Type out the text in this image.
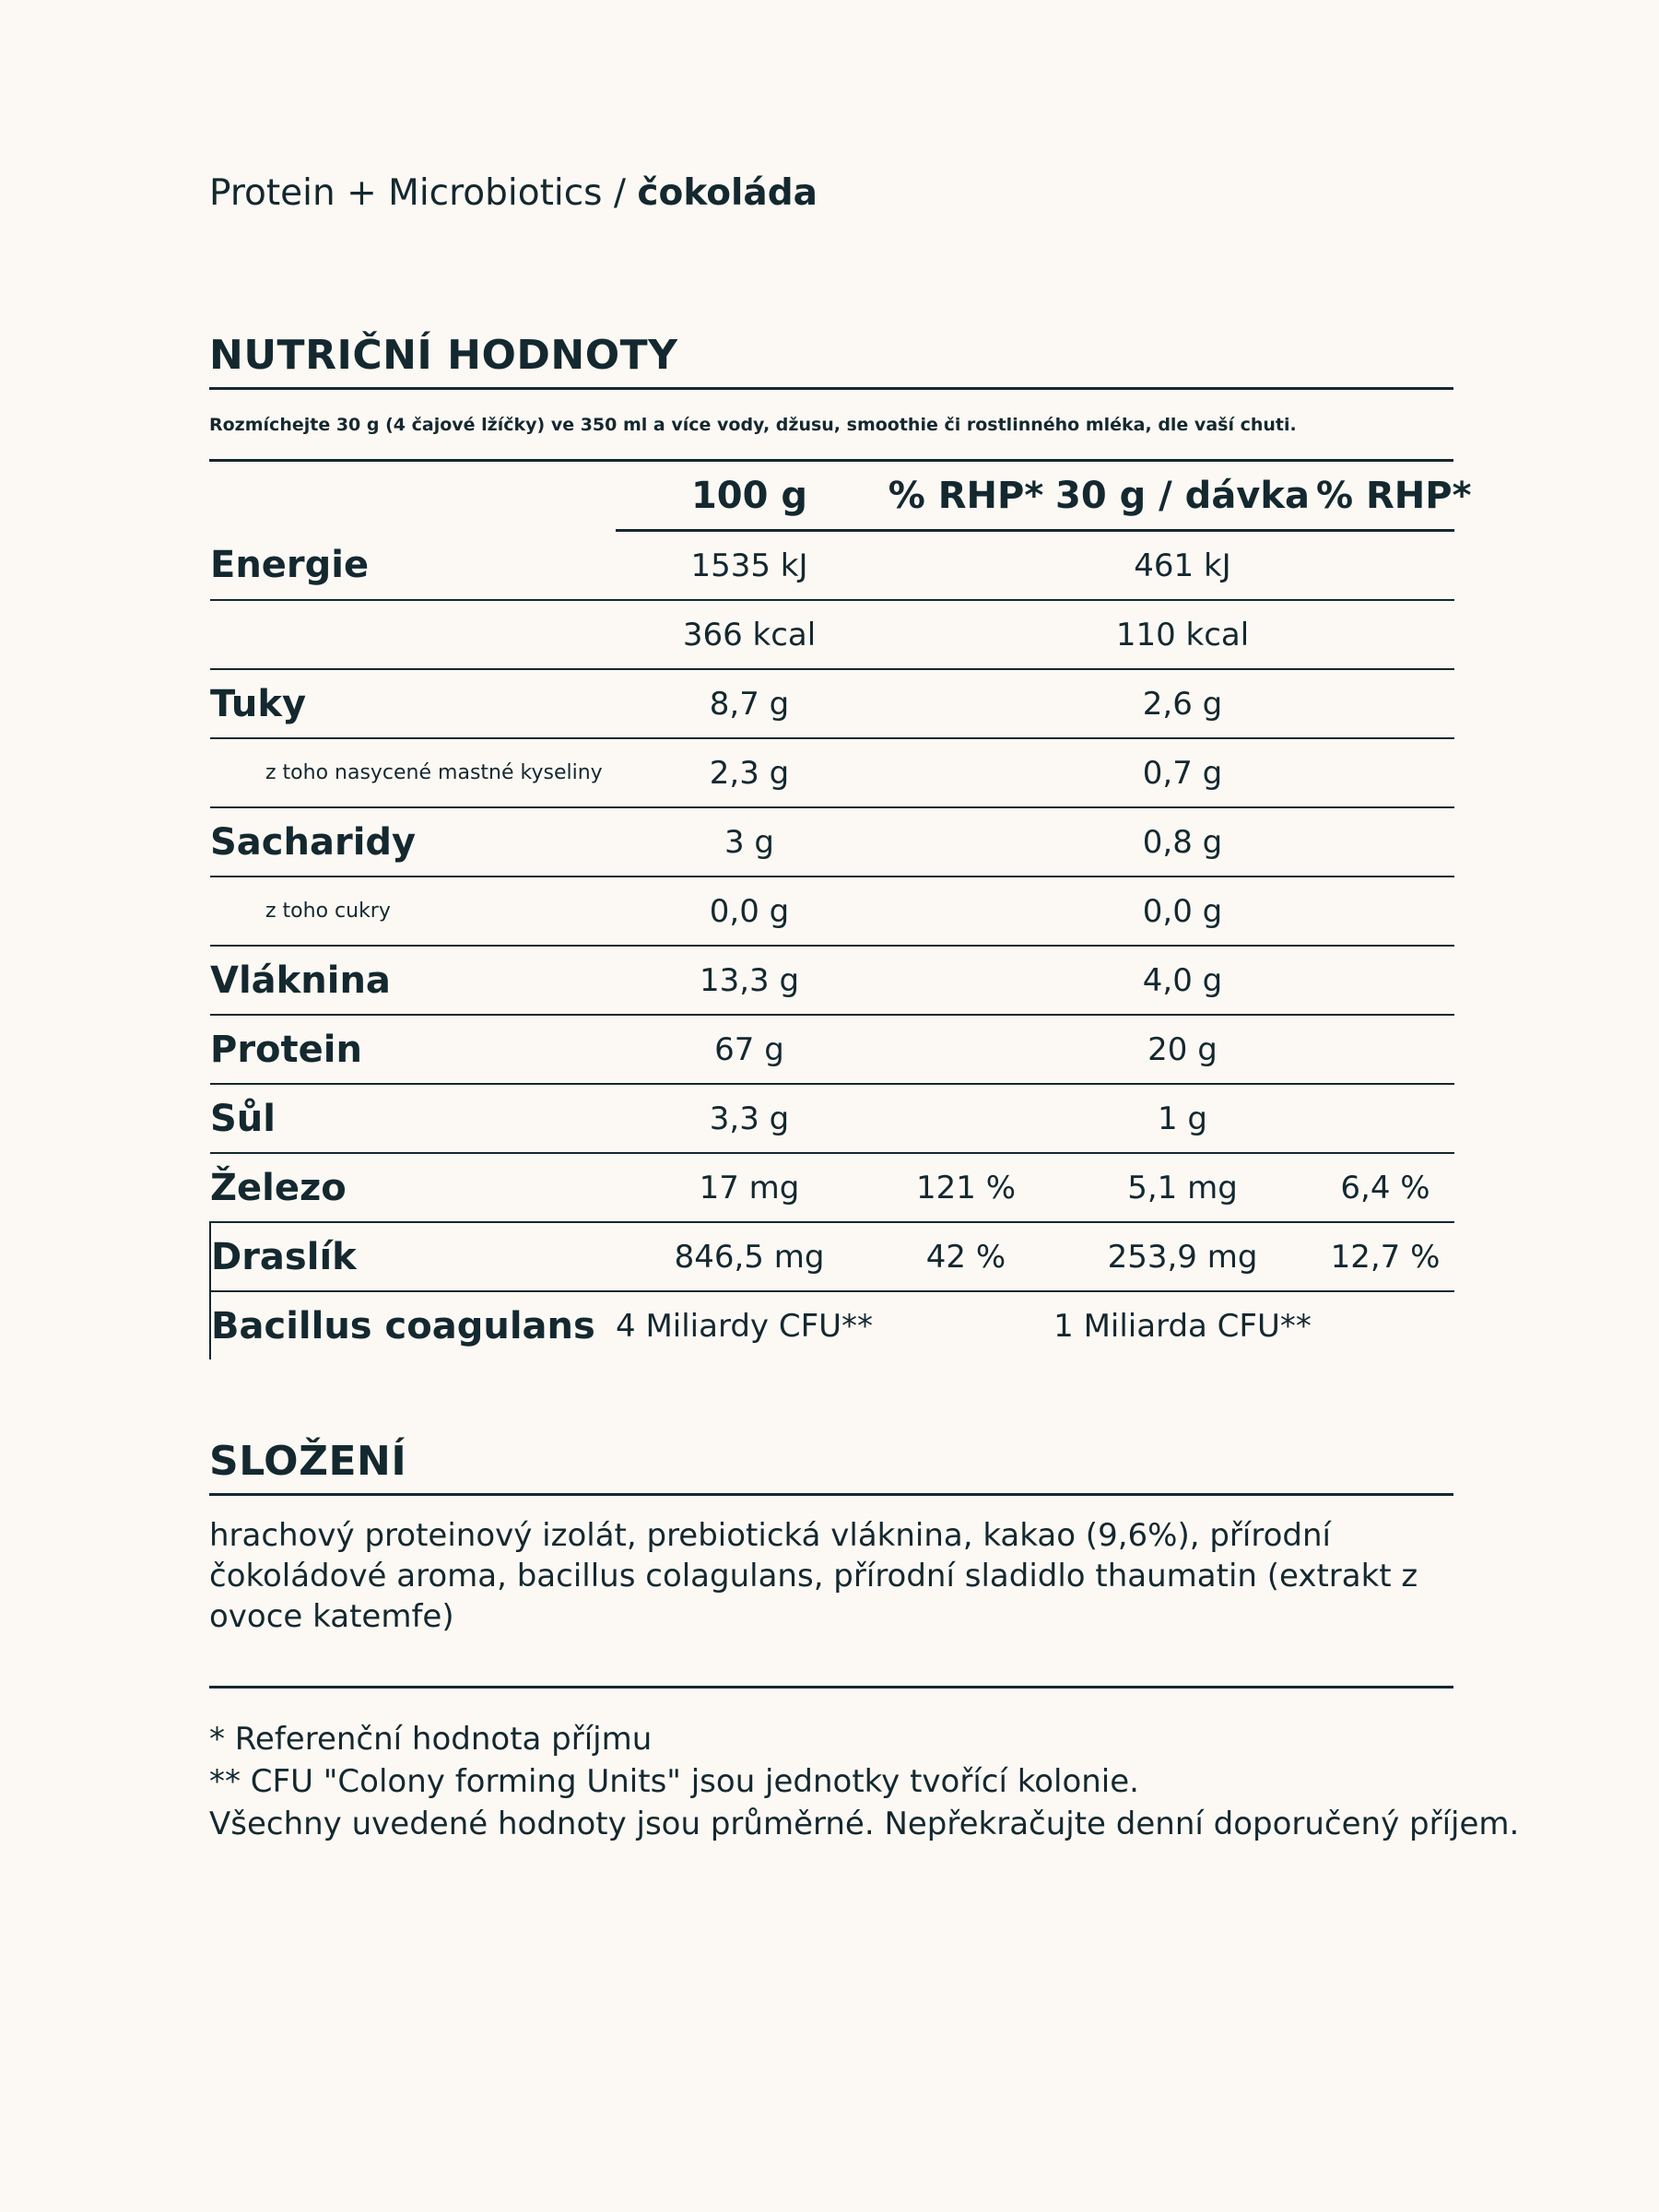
Protein + Microbiotics / čokoláda
NUTRIČNÍ HODNOTY
Rozmíchejte 30 g (4 čajové lžíčky) ve 350 ml a více vody, džusu, smoothie či rostlinného mléka, dle vaší chuti.
	100 g	% RHP*	30 g / dávka	% RHP*
Energie	1535 kJ		461 kJ	
	366 kcal		110 kcal	
Tuky	8,7 g		2,6 g	
z toho nasycené mastné kyseliny	2,3 g		0,7 g	
Sacharidy	3 g		0,8 g	
z toho cukry	0,0 g		0,0 g	
Vláknina	13,3 g		4,0 g	
Protein	67 g		20 g	
Sůl	3,3 g		1 g	
Železo	17 mg	121 %	5,1 mg	6,4 %
Draslík	846,5 mg	42 %	253,9 mg	12,7 %
Bacillus coagulans	4 Miliardy CFU**		1 Miliarda CFU**	
SLOŽENÍ
hrachový proteinový izolát, prebiotická vláknina, kakao (9,6%), přírodní čokoládové aroma, bacillus colagulans, přírodní sladidlo thaumatin (extrakt z ovoce katemfe)
* Referenční hodnota příjmu
** CFU "Colony forming Units" jsou jednotky tvořící kolonie.
Všechny uvedené hodnoty jsou průměrné. Nepřekračujte denní doporučený příjem.
